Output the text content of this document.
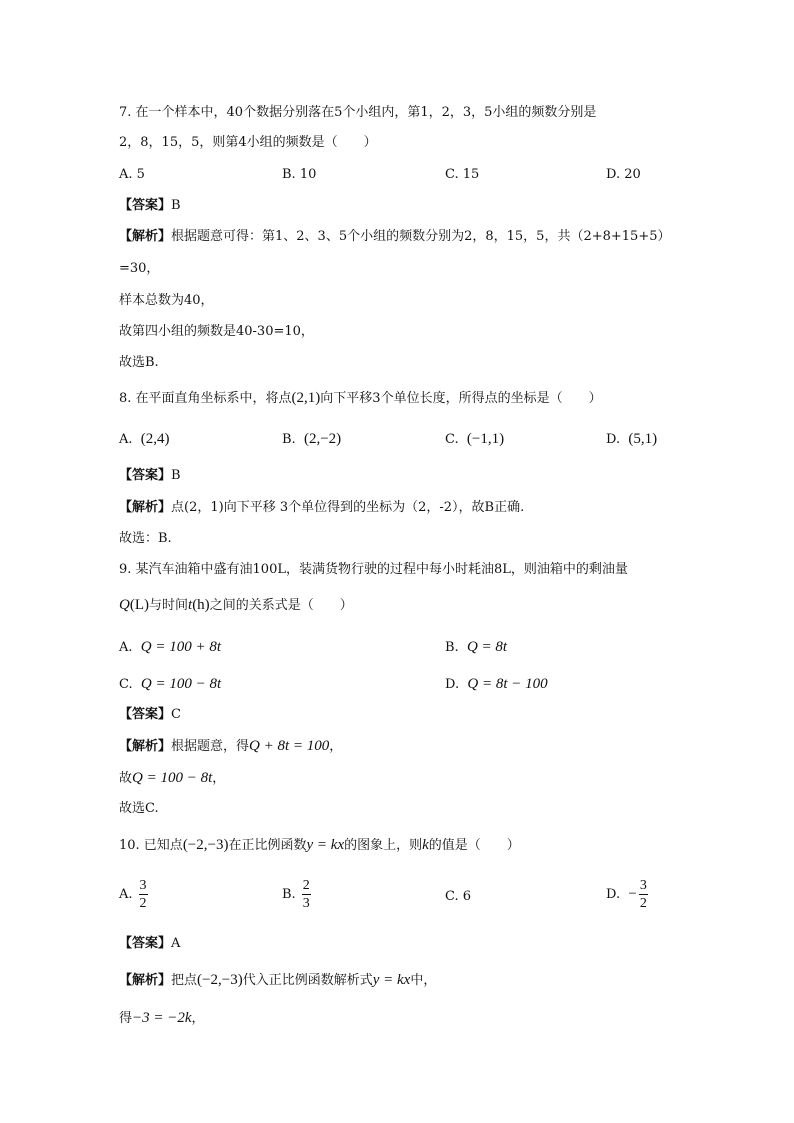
7. 在一个样本中，40个数据分别落在5个小组内，第1，2，3，5小组的频数分别是
2，8，15，5，则第4小组的频数是（　　）
A. 5	B. 10	C. 15	D. 20
【答案】B
【解析】根据题意可得：第1、2、3、5个小组的频数分别为2，8，15，5，共（2+8+15+5）
=30，
样本总数为40，
故第四小组的频数是40-30=10，
故选B.
8. 在平面直角坐标系中，将点(2,1)向下平移3个单位长度，所得点的坐标是（　　）
A. (2,4)	B. (2,−2)	C. (−1,1)	D. (5,1)
【答案】B
【解析】点(2，1)向下平移 3个单位得到的坐标为（2，-2），故B正确.
故选：B.
9. 某汽车油箱中盛有油100L，装满货物行驶的过程中每小时耗油8L，则油箱中的剩油量
Q(L)与时间t(h)之间的关系式是（　　）
A. Q = 100 + 8t	B. Q = 8t
C. Q = 100 − 8t	D. Q = 8t − 100
【答案】C
【解析】根据题意，得Q + 8t = 100，
故Q = 100 − 8t，
故选C.
10. 已知点(−2,−3)在正比例函数y = kx的图象上，则k的值是（　　）
A. $\frac{3}{2}$	B. $\frac{2}{3}$	C. 6	D. − $\frac{3}{2}$
【答案】A
【解析】把点(−2,−3)代入正比例函数解析式y = kx中，
得−3 = −2k，
